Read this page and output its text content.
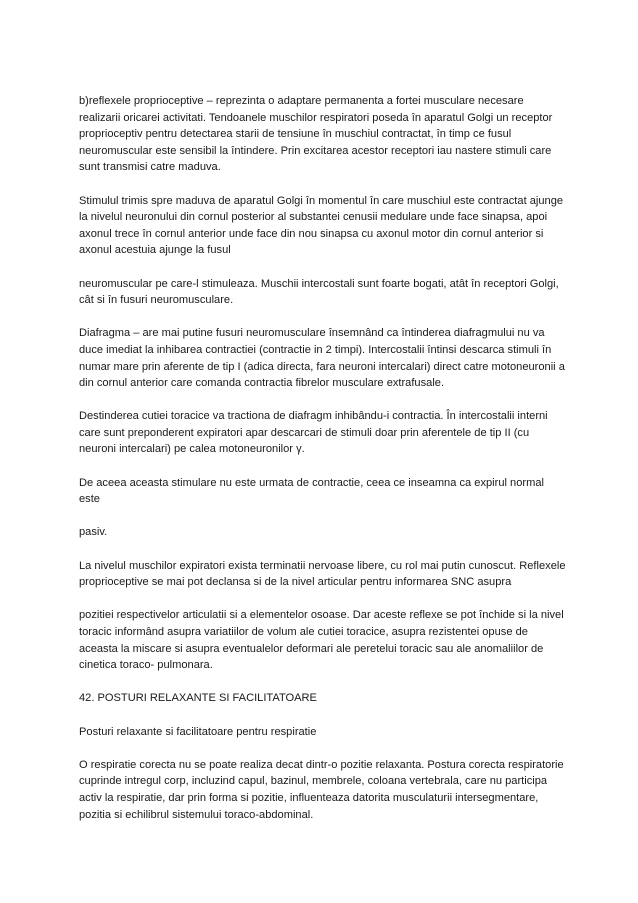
b)reflexele proprioceptive – reprezinta o adaptare permanenta a fortei musculare necesare realizarii oricarei activitati. Tendoanele muschilor respiratori poseda în aparatul Golgi un receptor proprioceptiv pentru detectarea starii de tensiune în muschiul contractat, în timp ce fusul neuromuscular este sensibil la întindere. Prin excitarea acestor receptori iau nastere stimuli care sunt transmisi catre maduva.

Stimulul trimis spre maduva de aparatul Golgi în momentul în care muschiul este contractat ajunge la nivelul neuronului din cornul posterior al substantei cenusii medulare unde face sinapsa, apoi axonul trece în cornul anterior unde face din nou sinapsa cu axonul motor din cornul anterior si axonul acestuia ajunge la fusul

neuromuscular pe care-l stimuleaza. Muschii intercostali sunt foarte bogati, atât în receptori Golgi, cât si în fusuri neuromusculare.

Diafragma – are mai putine fusuri neuromusculare însemnând ca întinderea diafragmului nu va duce imediat la inhibarea contractiei (contractie in 2 timpi). Intercostalii întinsi descarca stimuli în numar mare prin aferente de tip I (adica directa, fara neuroni intercalari) direct catre motoneuronii a din cornul anterior care comanda contractia fibrelor musculare extrafusale.

Destinderea cutiei toracice va tractiona de diafragm inhibându-i contractia. În intercostalii interni care sunt preponderent expiratori apar descarcari de stimuli doar prin aferentele de tip II (cu neuroni intercalari) pe calea motoneuronilor γ.

De aceea aceasta stimulare nu este urmata de contractie, ceea ce inseamna ca expirul normal este

pasiv.

La nivelul muschilor expiratori exista terminatii nervoase libere, cu rol mai putin cunoscut. Reflexele proprioceptive se mai pot declansa si de la nivel articular pentru informarea SNC asupra

pozitiei respectivelor articulatii si a elementelor osoase. Dar aceste reflexe se pot închide si la nivel toracic informând asupra variatiilor de volum ale cutiei toracice, asupra rezistentei opuse de aceasta la miscare si asupra eventualelor deformari ale peretelui toracic sau ale anomaliilor de cinetica toraco- pulmonara.

42. POSTURI RELAXANTE SI FACILITATOARE

Posturi relaxante si facilitatoare pentru respiratie

O respiratie corecta nu se poate realiza decat dintr-o pozitie relaxanta. Postura corecta respiratorie cuprinde intregul corp, incluzind capul, bazinul, membrele, coloana vertebrala, care nu participa activ la respiratie, dar prin forma si pozitie, influenteaza datorita musculaturii intersegmentare, pozitia si echilibrul sistemului toraco-abdominal.
